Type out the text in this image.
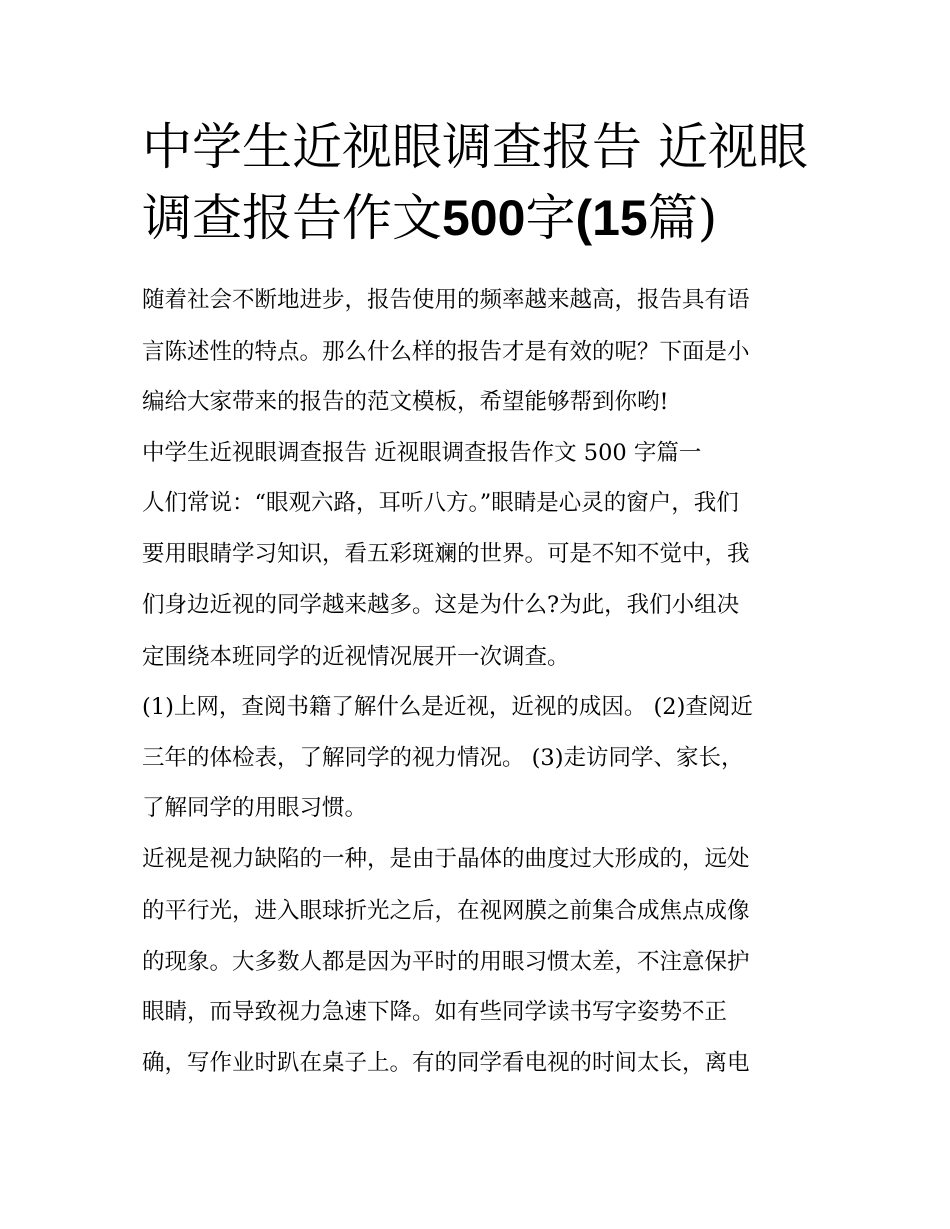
中学生近视眼调查报告 近视眼
调查报告作文500字(15篇)
随着社会不断地进步，报告使用的频率越来越高，报告具有语
言陈述性的特点。那么什么样的报告才是有效的呢？下面是小
编给大家带来的报告的范文模板，希望能够帮到你哟!
中学生近视眼调查报告 近视眼调查报告作文 500 字篇一
人们常说：“眼观六路，耳听八方。”眼睛是心灵的窗户，我们
要用眼睛学习知识，看五彩斑斓的世界。可是不知不觉中，我
们身边近视的同学越来越多。这是为什么?为此，我们小组决
定围绕本班同学的近视情况展开一次调查。
(1)上网，查阅书籍了解什么是近视，近视的成因。 (2)查阅近
三年的体检表，了解同学的视力情况。 (3)走访同学、家长，
了解同学的用眼习惯。
近视是视力缺陷的一种，是由于晶体的曲度过大形成的，远处
的平行光，进入眼球折光之后，在视网膜之前集合成焦点成像
的现象。大多数人都是因为平时的用眼习惯太差，不注意保护
眼睛，而导致视力急速下降。如有些同学读书写字姿势不正
确，写作业时趴在桌子上。有的同学看电视的时间太长，离电
